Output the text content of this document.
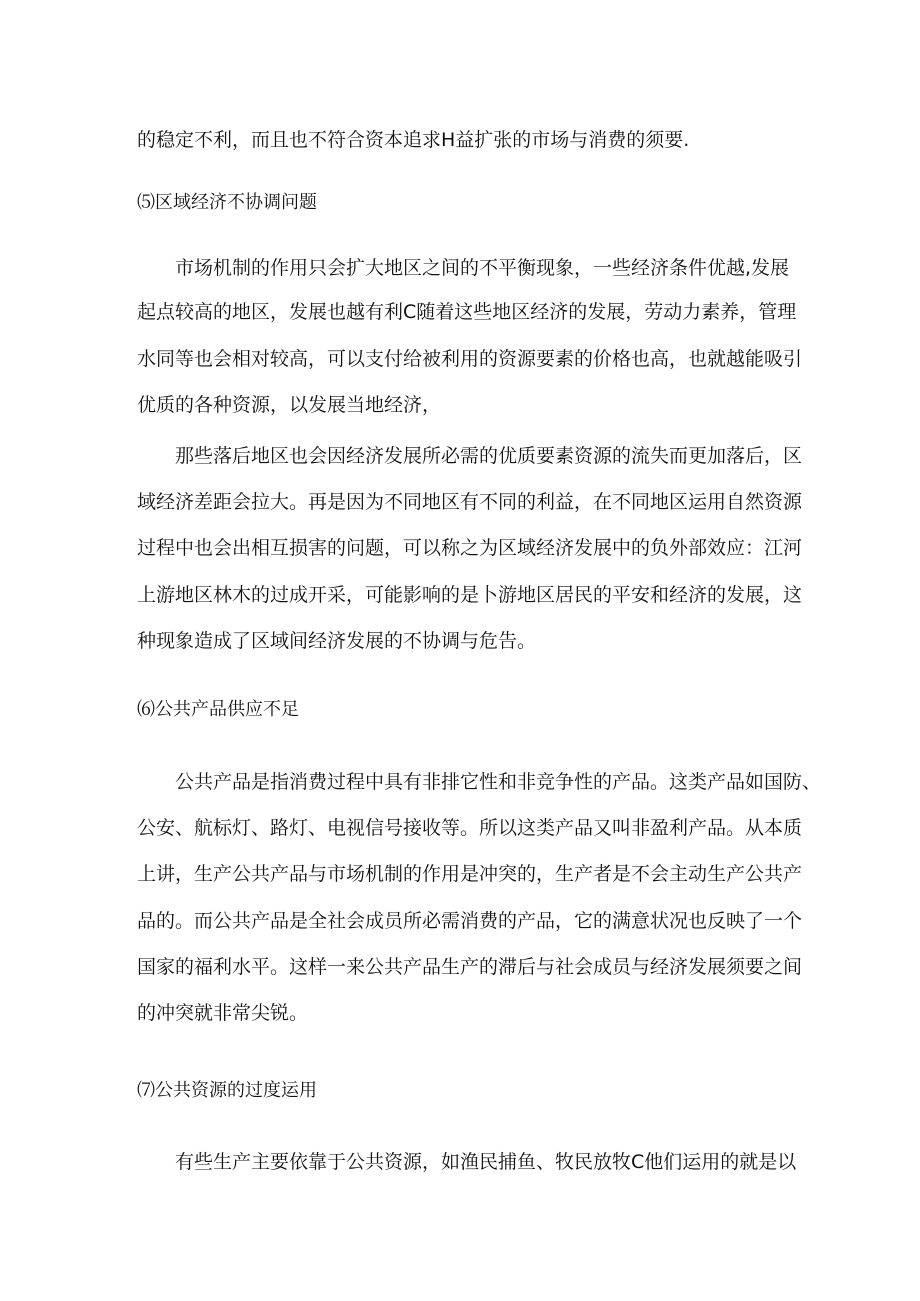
的稳定不利，而且也不符合资本追求H益扩张的市场与消费的须要.

⑸区域经济不协调问题

市场机制的作用只会扩大地区之间的不平衡现象，一些经济条件优越,发展

起点较高的地区，发展也越有利C随着这些地区经济的发展，劳动力素养，管理

水同等也会相对较高，可以支付给被利用的资源要素的价格也高，也就越能吸引

优质的各种资源，以发展当地经济，

那些落后地区也会因经济发展所必需的优质要素资源的流失而更加落后，区

域经济差距会拉大。再是因为不同地区有不同的利益，在不同地区运用自然资源

过程中也会出相互损害的问题，可以称之为区域经济发展中的负外部效应：江河

上游地区林木的过成开采，可能影响的是卜游地区居民的平安和经济的发展，这

种现象造成了区域间经济发展的不协调与危告。

⑹公共产品供应不足

公共产品是指消费过程中具有非排它性和非竞争性的产品。这类产品如国防、

公安、航标灯、路灯、电视信号接收等。所以这类产品又叫非盈利产品。从本质

上讲，生产公共产品与市场机制的作用是冲突的，生产者是不会主动生产公共产

品的。而公共产品是全社会成员所必需消费的产品，它的满意状况也反映了一个

国家的福利水平。这样一来公共产品生产的滞后与社会成员与经济发展须要之间

的冲突就非常尖锐。

⑺公共资源的过度运用

有些生产主要依靠于公共资源，如渔民捕鱼、牧民放牧C他们运用的就是以
